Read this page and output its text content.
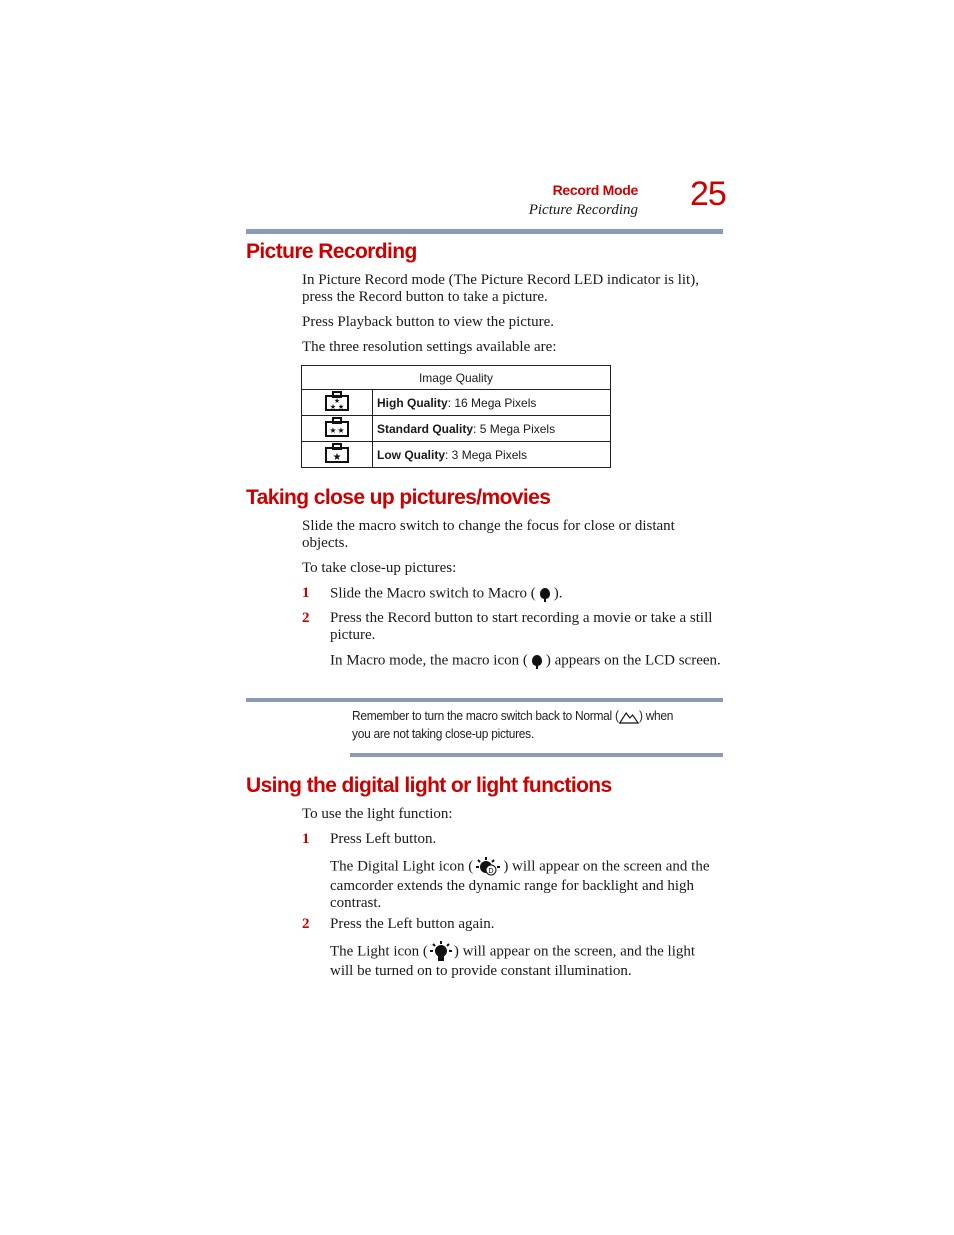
Record Mode
Picture Recording 25
Picture Recording

In Picture Record mode (The Picture Record LED indicator is lit), press the Record button to take a picture.

Press Playback button to view the picture.

The three resolution settings available are:

Image Quality	

★
★ ★	High Quality: 16 Mega Pixels

★ ★	Standard Quality: 5 Mega Pixels

★	Low Quality: 3 Mega Pixels
Taking close up pictures/movies

Slide the macro switch to change the focus for close or distant objects.

To take close-up pictures:

1 Slide the Macro switch to Macro ( ).
2 Press the Record button to start recording a movie or take a still picture.
In Macro mode, the macro icon ( ) appears on the LCD screen.
Remember to turn the macro switch back to Normal ( ) when you are not taking close-up pictures.
Using the digital light or light functions

To use the light function:

1 Press Left button.
The Digital Light icon ( D ) will appear on the screen and the camcorder extends the dynamic range for backlight and high contrast.
2 Press the Left button again.
The Light icon ( ) will appear on the screen, and the light will be turned on to provide constant illumination.
